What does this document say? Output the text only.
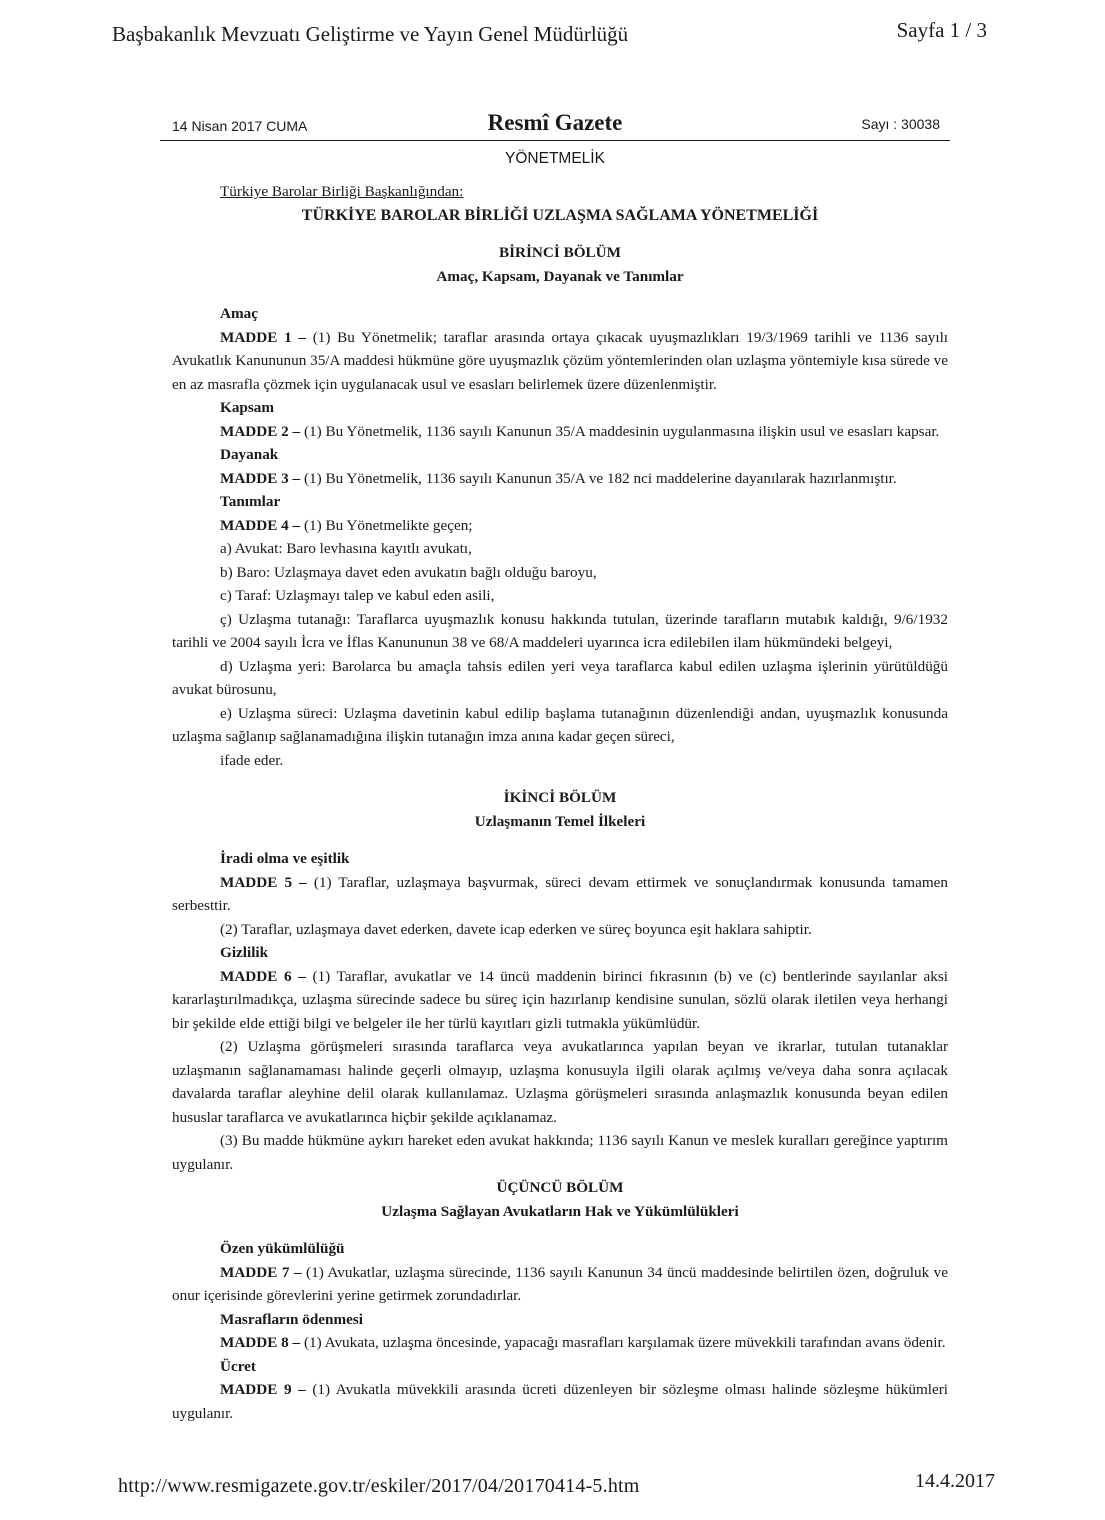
Başbakanlık Mevzuatı Geliştirme ve Yayın Genel Müdürlüğü	Sayfa 1 / 3
14 Nisan 2017 CUMA	Resmî Gazete	Sayı : 30038
YÖNETMELİK

Türkiye Barolar Birliği Başkanlığından:

TÜRKİYE BAROLAR BİRLİĞİ UZLAŞMA SAĞLAMA YÖNETMELİĞİ

BİRİNCİ BÖLÜM

Amaç, Kapsam, Dayanak ve Tanımlar

Amaç

MADDE 1 – (1) Bu Yönetmelik; taraflar arasında ortaya çıkacak uyuşmazlıkları 19/3/1969 tarihli ve 1136 sayılı Avukatlık Kanununun 35/A maddesi hükmüne göre uyuşmazlık çözüm yöntemlerinden olan uzlaşma yöntemiyle kısa sürede ve en az masrafla çözmek için uygulanacak usul ve esasları belirlemek üzere düzenlenmiştir.

Kapsam

MADDE 2 – (1) Bu Yönetmelik, 1136 sayılı Kanunun 35/A maddesinin uygulanmasına ilişkin usul ve esasları kapsar.

Dayanak

MADDE 3 – (1) Bu Yönetmelik, 1136 sayılı Kanunun 35/A ve 182 nci maddelerine dayanılarak hazırlanmıştır.

Tanımlar

MADDE 4 – (1) Bu Yönetmelikte geçen;

a) Avukat: Baro levhasına kayıtlı avukatı,

b) Baro: Uzlaşmaya davet eden avukatın bağlı olduğu baroyu,

c) Taraf: Uzlaşmayı talep ve kabul eden asili,

ç) Uzlaşma tutanağı: Taraflarca uyuşmazlık konusu hakkında tutulan, üzerinde tarafların mutabık kaldığı, 9/6/1932 tarihli ve 2004 sayılı İcra ve İflas Kanununun 38 ve 68/A maddeleri uyarınca icra edilebilen ilam hükmündeki belgeyi,

d) Uzlaşma yeri: Barolarca bu amaçla tahsis edilen yeri veya taraflarca kabul edilen uzlaşma işlerinin yürütüldüğü avukat bürosunu,

e) Uzlaşma süreci: Uzlaşma davetinin kabul edilip başlama tutanağının düzenlendiği andan, uyuşmazlık konusunda uzlaşma sağlanıp sağlanamadığına ilişkin tutanağın imza anına kadar geçen süreci,

ifade eder.

İKİNCİ BÖLÜM

Uzlaşmanın Temel İlkeleri

İradi olma ve eşitlik

MADDE 5 – (1) Taraflar, uzlaşmaya başvurmak, süreci devam ettirmek ve sonuçlandırmak konusunda tamamen serbesttir.

(2) Taraflar, uzlaşmaya davet ederken, davete icap ederken ve süreç boyunca eşit haklara sahiptir.

Gizlilik

MADDE 6 – (1) Taraflar, avukatlar ve 14 üncü maddenin birinci fıkrasının (b) ve (c) bentlerinde sayılanlar aksi kararlaştırılmadıkça, uzlaşma sürecinde sadece bu süreç için hazırlanıp kendisine sunulan, sözlü olarak iletilen veya herhangi bir şekilde elde ettiği bilgi ve belgeler ile her türlü kayıtları gizli tutmakla yükümlüdür.

(2) Uzlaşma görüşmeleri sırasında taraflarca veya avukatlarınca yapılan beyan ve ikrarlar, tutulan tutanaklar uzlaşmanın sağlanamaması halinde geçerli olmayıp, uzlaşma konusuyla ilgili olarak açılmış ve/veya daha sonra açılacak davalarda taraflar aleyhine delil olarak kullanılamaz. Uzlaşma görüşmeleri sırasında anlaşmazlık konusunda beyan edilen hususlar taraflarca ve avukatlarınca hiçbir şekilde açıklanamaz.

(3) Bu madde hükmüne aykırı hareket eden avukat hakkında; 1136 sayılı Kanun ve meslek kuralları gereğince yaptırım uygulanır.

ÜÇÜNCÜ BÖLÜM

Uzlaşma Sağlayan Avukatların Hak ve Yükümlülükleri

Özen yükümlülüğü

MADDE 7 – (1) Avukatlar, uzlaşma sürecinde, 1136 sayılı Kanunun 34 üncü maddesinde belirtilen özen, doğruluk ve onur içerisinde görevlerini yerine getirmek zorundadırlar.

Masrafların ödenmesi

MADDE 8 – (1) Avukata, uzlaşma öncesinde, yapacağı masrafları karşılamak üzere müvekkili tarafından avans ödenir.

Ücret

MADDE 9 – (1) Avukatla müvekkili arasında ücreti düzenleyen bir sözleşme olması halinde sözleşme hükümleri uygulanır.

http://www.resmigazete.gov.tr/eskiler/2017/04/20170414-5.htm	14.4.2017
